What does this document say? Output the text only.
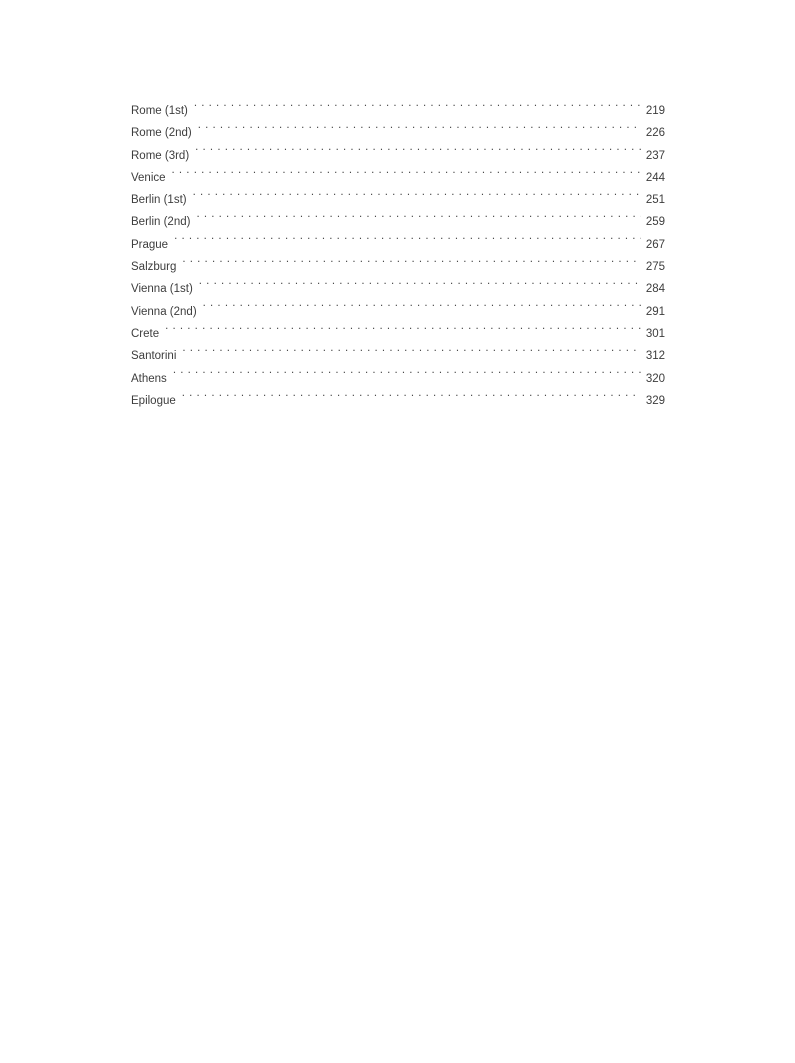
Rome (1st) . . .	219
Rome (2nd) . . .	226
Rome (3rd) . . .	237
Venice . . .	244
Berlin (1st) . . .	251
Berlin (2nd) . . .	259
Prague . . .	267
Salzburg . . .	275
Vienna (1st) . . .	284
Vienna (2nd) . . .	291
Crete . . .	301
Santorini . . .	312
Athens . . .	320
Epilogue . . .	329
